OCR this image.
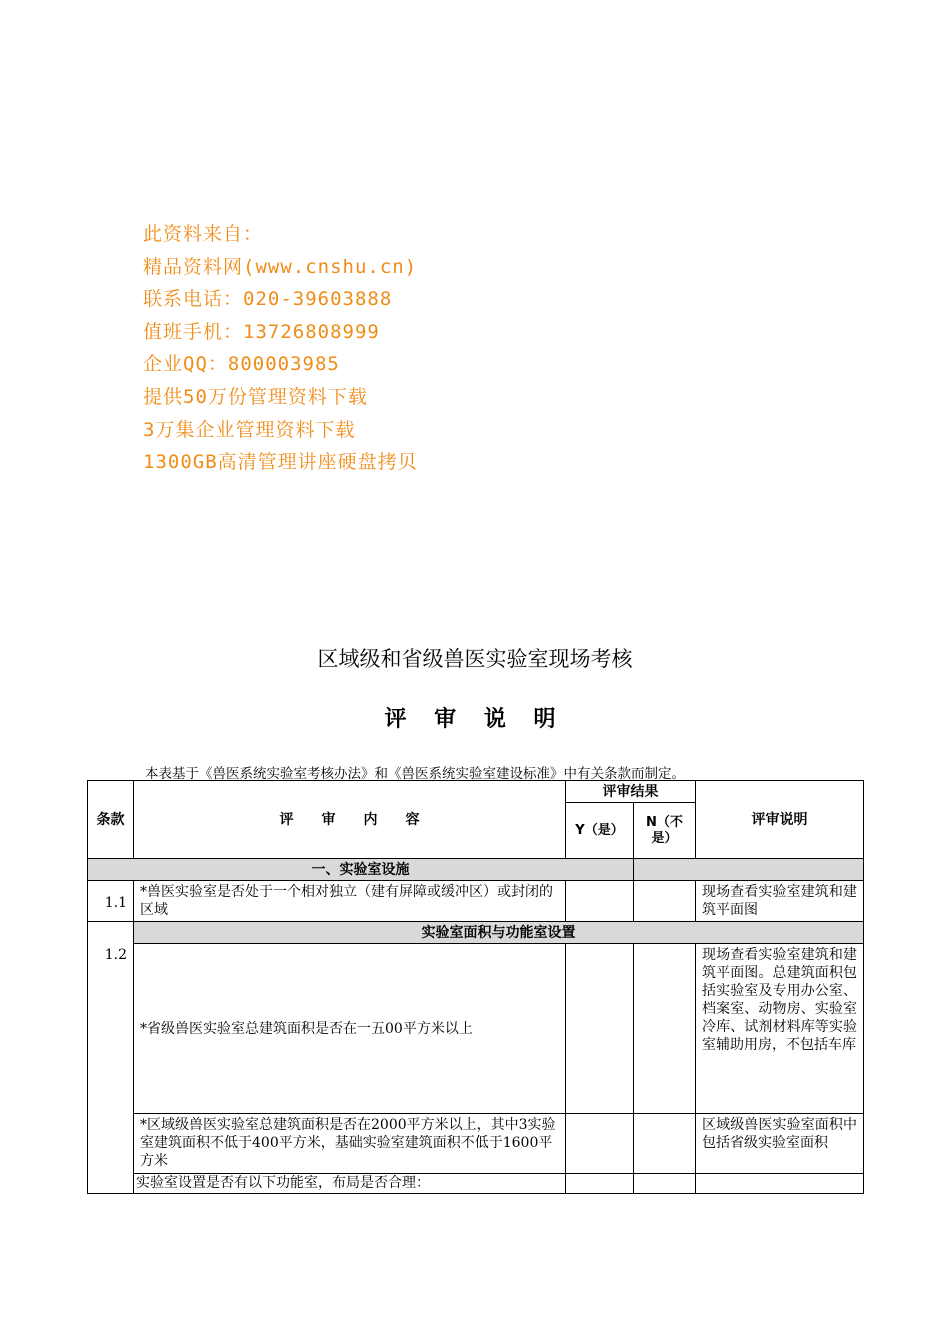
此资料来自：
精品资料网(www.cnshu.cn)
联系电话：020-39603888
值班手机：13726808999
企业QQ：800003985
提供50万份管理资料下载
3万集企业管理资料下载
1300GB高清管理讲座硬盘拷贝
区域级和省级兽医实验室现场考核
评 审 说 明
本表基于《兽医系统实验室考核办法》和《兽医系统实验室建设标准》中有关条款而制定。
条款	评　　审　　内　　容	评审结果		评审说明
		Y（是）	N（不是）	
一、实验室设施				
1.1	*兽医实验室是否处于一个相对独立（建有屏障或缓冲区）或封闭的区域			现场查看实验室建筑和建筑平面图
1.2	实验室面积与功能室设置			
	*省级兽医实验室总建筑面积是否在一五00平方米以上			现场查看实验室建筑和建筑平面图。总建筑面积包括实验室及专用办公室、档案室、动物房、实验室冷库、试剂材料库等实验室辅助用房，不包括车库
	*区域级兽医实验室总建筑面积是否在2000平方米以上，其中3实验室建筑面积不低于400平方米，基础实验室建筑面积不低于1600平方米			区域级兽医实验室面积中包括省级实验室面积
	实验室设置是否有以下功能室，布局是否合理：			
